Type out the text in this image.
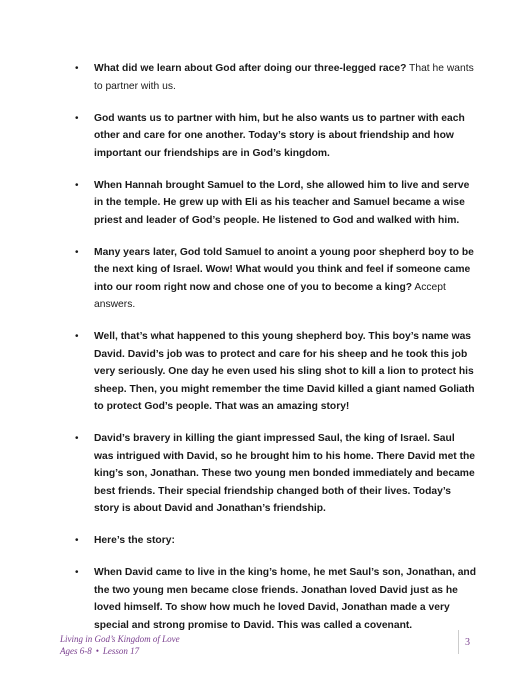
• What did we learn about God after doing our three-legged race? That he wants to partner with us.
• God wants us to partner with him, but he also wants us to partner with each other and care for one another. Today’s story is about friendship and how important our friendships are in God’s kingdom.
• When Hannah brought Samuel to the Lord, she allowed him to live and serve in the temple. He grew up with Eli as his teacher and Samuel became a wise priest and leader of God’s people. He listened to God and walked with him.
• Many years later, God told Samuel to anoint a young poor shepherd boy to be the next king of Israel. Wow! What would you think and feel if someone came into our room right now and chose one of you to become a king? Accept answers.
• Well, that’s what happened to this young shepherd boy. This boy’s name was David. David’s job was to protect and care for his sheep and he took this job very seriously. One day he even used his sling shot to kill a lion to protect his sheep. Then, you might remember the time David killed a giant named Goliath to protect God’s people. That was an amazing story!
• David’s bravery in killing the giant impressed Saul, the king of Israel. Saul was intrigued with David, so he brought him to his home. There David met the king’s son, Jonathan. These two young men bonded immediately and became best friends. Their special friendship changed both of their lives. Today’s story is about David and Jonathan’s friendship.
• Here’s the story:
• When David came to live in the king’s home, he met Saul’s son, Jonathan, and the two young men became close friends. Jonathan loved David just as he loved himself. To show how much he loved David, Jonathan made a very special and strong promise to David. This was called a covenant.
Living in God’s Kingdom of Love
Ages 6-8 • Lesson 17
3
